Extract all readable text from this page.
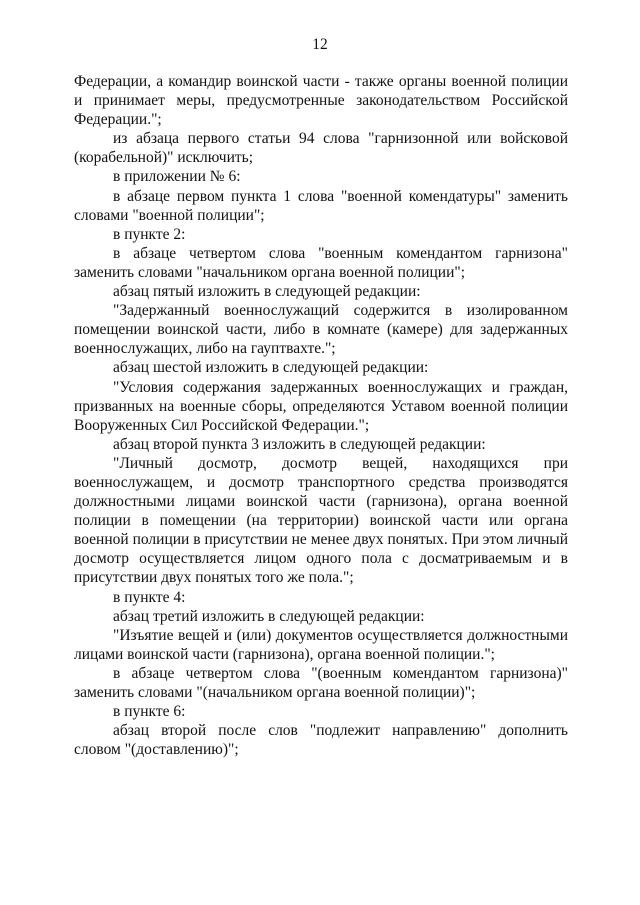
12

Федерации, а командир воинской части - также органы военной полиции и принимает меры, предусмотренные законодательством Российской Федерации.";

из абзаца первого статьи 94 слова "гарнизонной или войсковой (корабельной)" исключить;

в приложении № 6:

в абзаце первом пункта 1 слова "военной комендатуры" заменить словами "военной полиции";

в пункте 2:

в абзаце четвертом слова "военным комендантом гарнизона" заменить словами "начальником органа военной полиции";

абзац пятый изложить в следующей редакции:

"Задержанный военнослужащий содержится в изолированном помещении воинской части, либо в комнате (камере) для задержанных военнослужащих, либо на гауптвахте.";

абзац шестой изложить в следующей редакции:

"Условия содержания задержанных военнослужащих и граждан, призванных на военные сборы, определяются Уставом военной полиции Вооруженных Сил Российской Федерации.";

абзац второй пункта 3 изложить в следующей редакции:

"Личный досмотр, досмотр вещей, находящихся при военнослужащем, и досмотр транспортного средства производятся должностными лицами воинской части (гарнизона), органа военной полиции в помещении (на территории) воинской части или органа военной полиции в присутствии не менее двух понятых. При этом личный досмотр осуществляется лицом одного пола с досматриваемым и в присутствии двух понятых того же пола.";

в пункте 4:

абзац третий изложить в следующей редакции:

"Изъятие вещей и (или) документов осуществляется должностными лицами воинской части (гарнизона), органа военной полиции.";

в абзаце четвертом слова "(военным комендантом гарнизона)" заменить словами "(начальником органа военной полиции)";

в пункте 6:

абзац второй после слов "подлежит направлению" дополнить словом "(доставлению)";
